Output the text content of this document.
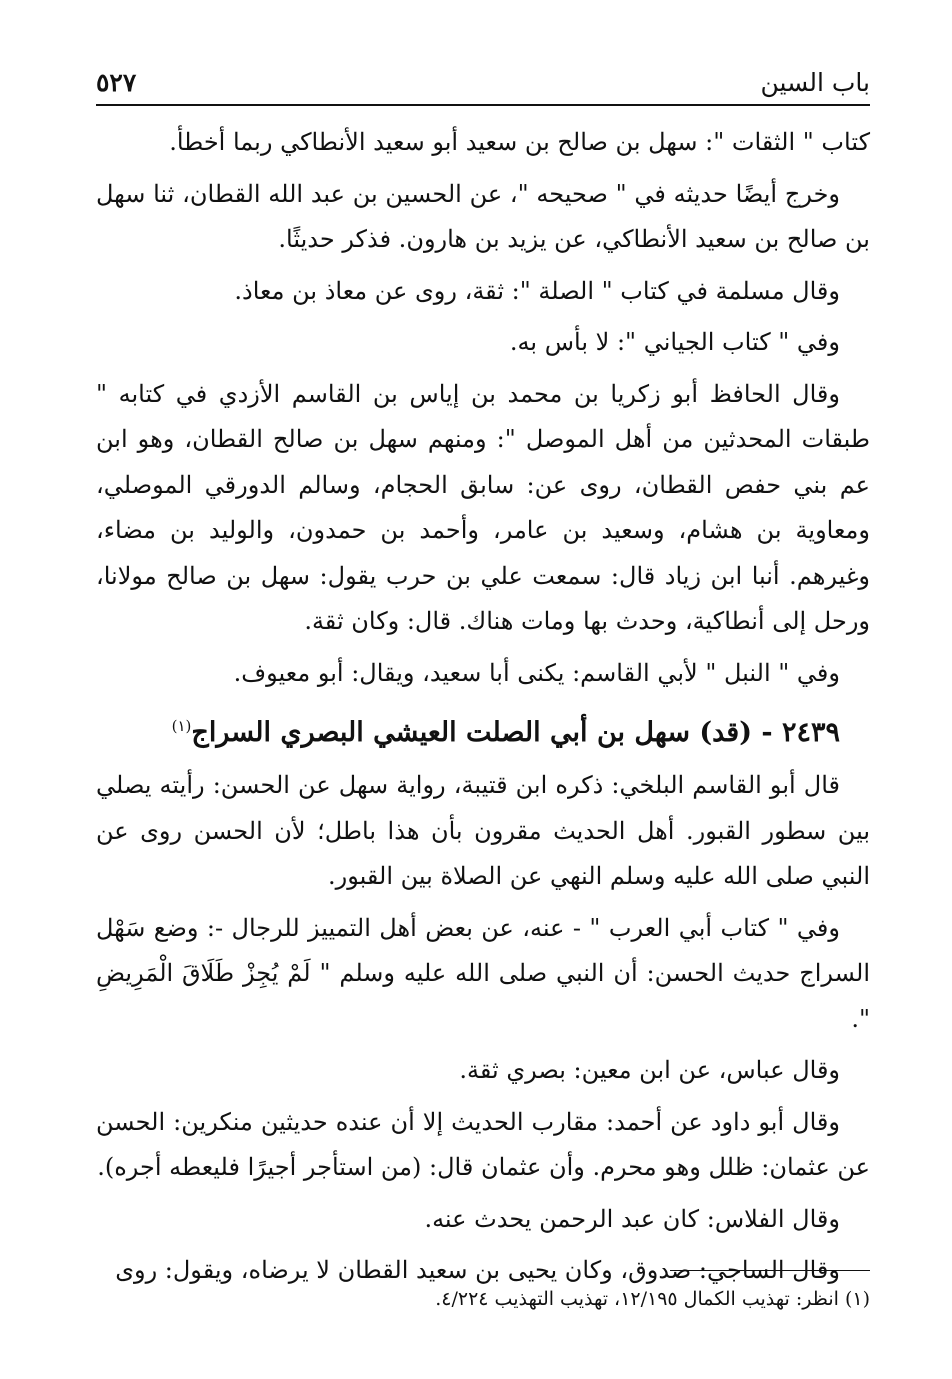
باب السين
٥٢٧
كتاب " الثقات ": سهل بن صالح بن سعيد أبو سعيد الأنطاكي ربما أخطأ.
وخرج أيضًا حديثه في " صحيحه "، عن الحسين بن عبد الله القطان، ثنا سهل بن صالح بن سعيد الأنطاكي، عن يزيد بن هارون. فذكر حديثًا.
وقال مسلمة في كتاب " الصلة ": ثقة، روى عن معاذ بن معاذ.
وفي " كتاب الجياني ": لا بأس به.
وقال الحافظ أبو زكريا بن محمد بن إياس بن القاسم الأزدي في كتابه " طبقات المحدثين من أهل الموصل ": ومنهم سهل بن صالح القطان، وهو ابن عم بني حفص القطان، روى عن: سابق الحجام، وسالم الدورقي الموصلي، ومعاوية بن هشام، وسعيد بن عامر، وأحمد بن حمدون، والوليد بن مضاء، وغيرهم. أنبا ابن زياد قال: سمعت علي بن حرب يقول: سهل بن صالح مولانا، ورحل إلى أنطاكية، وحدث بها ومات هناك. قال: وكان ثقة.
وفي " النبل " لأبي القاسم: يكنى أبا سعيد، ويقال: أبو معيوف.
٢٤٣٩ - (قد) سهل بن أبي الصلت العيشي البصري السراج$^{(١)}$
قال أبو القاسم البلخي: ذكره ابن قتيبة، رواية سهل عن الحسن: رأيته يصلي بين سطور القبور. أهل الحديث مقرون بأن هذا باطل؛ لأن الحسن روى عن النبي صلى الله عليه وسلم النهي عن الصلاة بين القبور.
وفي " كتاب أبي العرب " - عنه، عن بعض أهل التمييز للرجال -: وضع سَهْل السراج حديث الحسن: أن النبي صلى الله عليه وسلم " لَمْ يُجِزْ طَلَاقَ الْمَرِيضِ ".
وقال عباس، عن ابن معين: بصري ثقة.
وقال أبو داود عن أحمد: مقارب الحديث إلا أن عنده حديثين منكرين: الحسن عن عثمان: ظلل وهو محرم. وأن عثمان قال: (من استأجر أجيرًا فليعطه أجره).
وقال الفلاس: كان عبد الرحمن يحدث عنه.
وقال الساجي: صدوق، وكان يحيى بن سعيد القطان لا يرضاه، ويقول: روى
(١) انظر: تهذيب الكمال ١٢/١٩٥، تهذيب التهذيب ٤/٢٢٤.
